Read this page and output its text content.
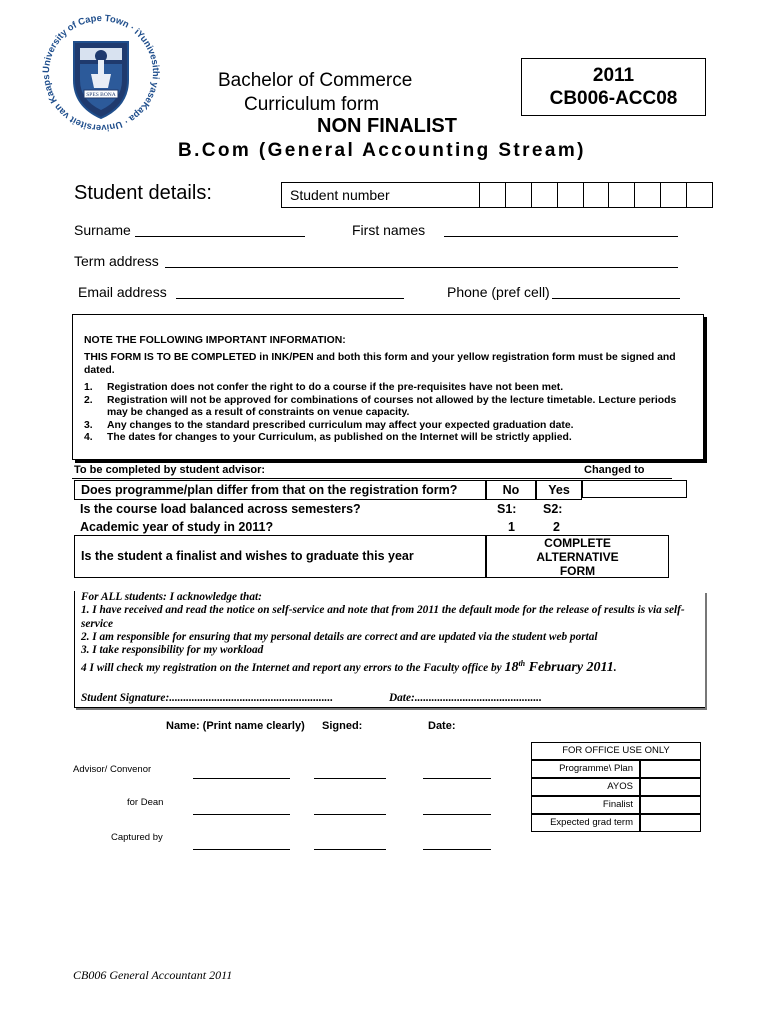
University of Cape Town · iYunivesithi yaseKapa · Universiteit van Kaaps
SPES BONA
Bachelor of Commerce
Curriculum form
NON FINALIST
B.Com (General Accounting Stream)
2011
CB006-ACC08
Student details:	Student number
Surname	First names
Term address
Email address	Phone (pref cell)
NOTE THE FOLLOWING IMPORTANT INFORMATION:
THIS FORM IS TO BE COMPLETED in INK/PEN and both this form and your yellow registration form must be signed and dated.
1.	Registration does not confer the right to do a course if the pre-requisites have not been met.
2.	Registration will not be approved for combinations of courses not allowed by the lecture timetable. Lecture periods may be changed as a result of constraints on venue capacity.
3.	Any changes to the standard prescribed curriculum may affect your expected graduation date.
4.	The dates for changes to your Curriculum, as published on the Internet will be strictly applied.
To be completed by student advisor:	Changed to
Does programme/plan differ from that on the registration form?	No	Yes
Is the course load balanced across semesters?	S1: S2:
Academic year of study in 2011?	1	2
Is the student a finalist and wishes to graduate this year
COMPLETE ALTERNATIVE FORM
For ALL students: I acknowledge that:
1. I have received and read the notice on self-service and note that from 2011 the default mode for the release of results is via self-service
2. I am responsible for ensuring that my personal details are correct and are updated via the student web portal
3. I take responsibility for my workload
4 I will check my registration on the Internet and report any errors to the Faculty office by 18th February 2011.
Student Signature:..........................................................	Date:.............................................
Name: (Print name clearly) Signed:	Date:
Advisor/ Convenor
for Dean
Captured by
FOR OFFICE USE ONLY
Programme\ Plan
AYOS
Finalist
Expected grad term
CB006 General Accountant 2011
